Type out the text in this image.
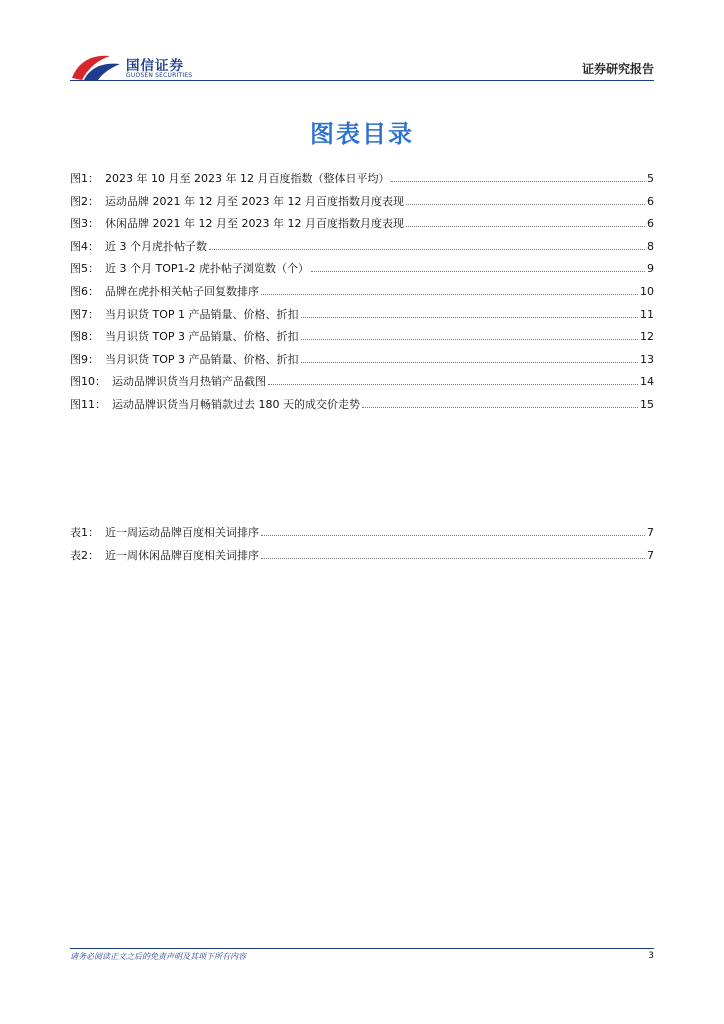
国信证券
GUOSEN SECURITIES	证券研究报告
图表目录
图1： 2023 年 10 月至 2023 年 12 月百度指数（整体日平均）	5
图2： 运动品牌 2021 年 12 月至 2023 年 12 月百度指数月度表现	6
图3： 休闲品牌 2021 年 12 月至 2023 年 12 月百度指数月度表现	6
图4： 近 3 个月虎扑帖子数	8
图5： 近 3 个月 TOP1-2 虎扑帖子浏览数（个）	9
图6： 品牌在虎扑相关帖子回复数排序	10
图7： 当月识货 TOP 1 产品销量、价格、折扣	11
图8： 当月识货 TOP 3 产品销量、价格、折扣	12
图9： 当月识货 TOP 3 产品销量、价格、折扣	13
图10： 运动品牌识货当月热销产品截图	14
图11： 运动品牌识货当月畅销款过去 180 天的成交价走势	15
表1： 近一周运动品牌百度相关词排序	7
表2： 近一周休闲品牌百度相关词排序	7
请务必阅读正文之后的免责声明及其项下所有内容	3
